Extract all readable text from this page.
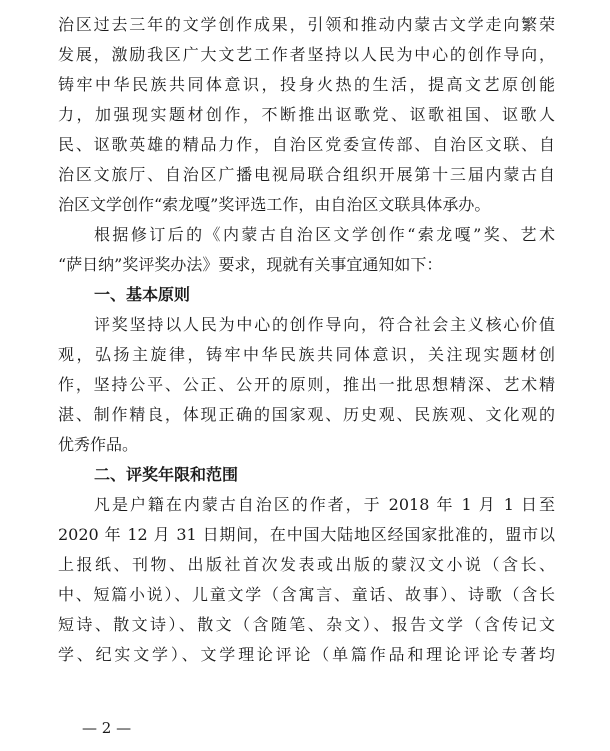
治区过去三年的文学创作成果，引领和推动内蒙古文学走向繁荣
发展，激励我区广大文艺工作者坚持以人民为中心的创作导向，
铸牢中华民族共同体意识，投身火热的生活，提高文艺原创能
力，加强现实题材创作，不断推出讴歌党、讴歌祖国、讴歌人
民、讴歌英雄的精品力作，自治区党委宣传部、自治区文联、自
治区文旅厅、自治区广播电视局联合组织开展第十三届内蒙古自
治区文学创作“索龙嘎”奖评选工作，由自治区文联具体承办。
根据修订后的《内蒙古自治区文学创作“索龙嘎”奖、艺术
“萨日纳”奖评奖办法》要求，现就有关事宜通知如下：
一、基本原则
评奖坚持以人民为中心的创作导向，符合社会主义核心价值
观，弘扬主旋律，铸牢中华民族共同体意识，关注现实题材创
作，坚持公平、公正、公开的原则，推出一批思想精深、艺术精
湛、制作精良，体现正确的国家观、历史观、民族观、文化观的
优秀作品。
二、评奖年限和范围
凡是户籍在内蒙古自治区的作者，于 2018 年 1 月 1 日至
2020 年 12 月 31 日期间，在中国大陆地区经国家批准的，盟市以
上报纸、刊物、出版社首次发表或出版的蒙汉文小说（含长、
中、短篇小说）、儿童文学（含寓言、童话、故事）、诗歌（含长
短诗、散文诗）、散文（含随笔、杂文）、报告文学（含传记文
学、纪实文学）、文学理论评论（单篇作品和理论评论专著均
— 2 —
